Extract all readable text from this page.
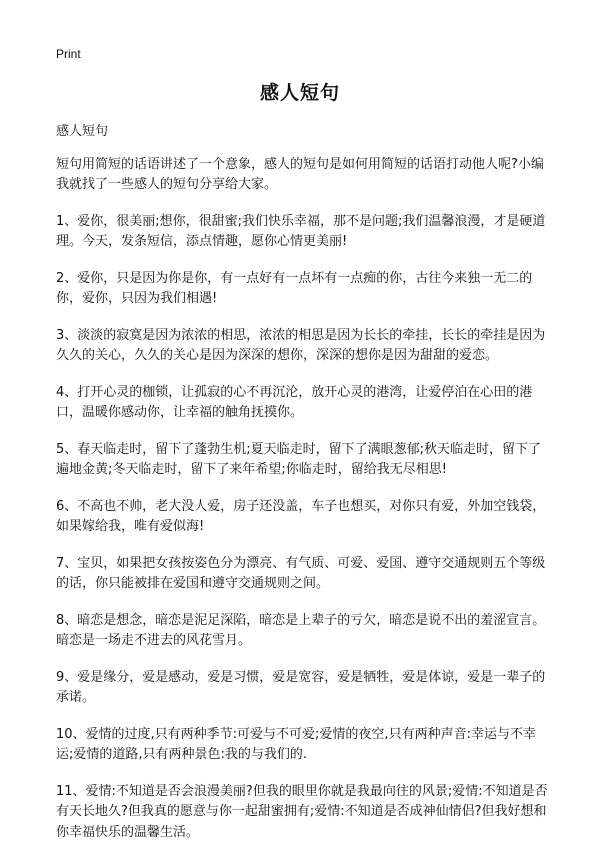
Print
感人短句

感人短句

短句用简短的话语讲述了一个意象，感人的短句是如何用简短的话语打动他人呢?小编我就找了一些感人的短句分享给大家。

1、爱你，很美丽;想你，很甜蜜;我们快乐幸福，那不是问题;我们温馨浪漫，才是硬道理。今天，发条短信，添点情趣，愿你心情更美丽!

2、爱你，只是因为你是你，有一点好有一点坏有一点痴的你，古往今来独一无二的你，爱你，只因为我们相遇!

3、淡淡的寂寞是因为浓浓的相思，浓浓的相思是因为长长的牵挂，长长的牵挂是因为久久的关心，久久的关心是因为深深的想你，深深的想你是因为甜甜的爱恋。

4、打开心灵的枷锁，让孤寂的心不再沉沦，放开心灵的港湾，让爱停泊在心田的港口，温暖你感动你，让幸福的触角抚摸你。

5、春天临走时，留下了蓬勃生机;夏天临走时，留下了满眼葱郁;秋天临走时，留下了遍地金黄;冬天临走时，留下了来年希望;你临走时，留给我无尽相思!

6、不高也不帅，老大没人爱，房子还没盖，车子也想买，对你只有爱，外加空钱袋，如果嫁给我，唯有爱似海!

7、宝贝，如果把女孩按姿色分为漂亮、有气质、可爱、爱国、遵守交通规则五个等级的话，你只能被排在爱国和遵守交通规则之间。

8、暗恋是想念，暗恋是泥足深陷，暗恋是上辈子的亏欠，暗恋是说不出的羞涩宣言。暗恋是一场走不进去的风花雪月。

9、爱是缘分，爱是感动，爱是习惯，爱是宽容，爱是牺牲，爱是体谅，爱是一辈子的承诺。

10、爱情的过度,只有两种季节:可爱与不可爱;爱情的夜空,只有两种声音:幸运与不幸运;爱情的道路,只有两种景色:我的与我们的.

11、爱情:不知道是否会浪漫美丽?但我的眼里你就是我最向往的风景;爱情:不知道是否有天长地久?但我真的愿意与你一起甜蜜拥有;爱情:不知道是否成神仙情侣?但我好想和你幸福快乐的温馨生活。
